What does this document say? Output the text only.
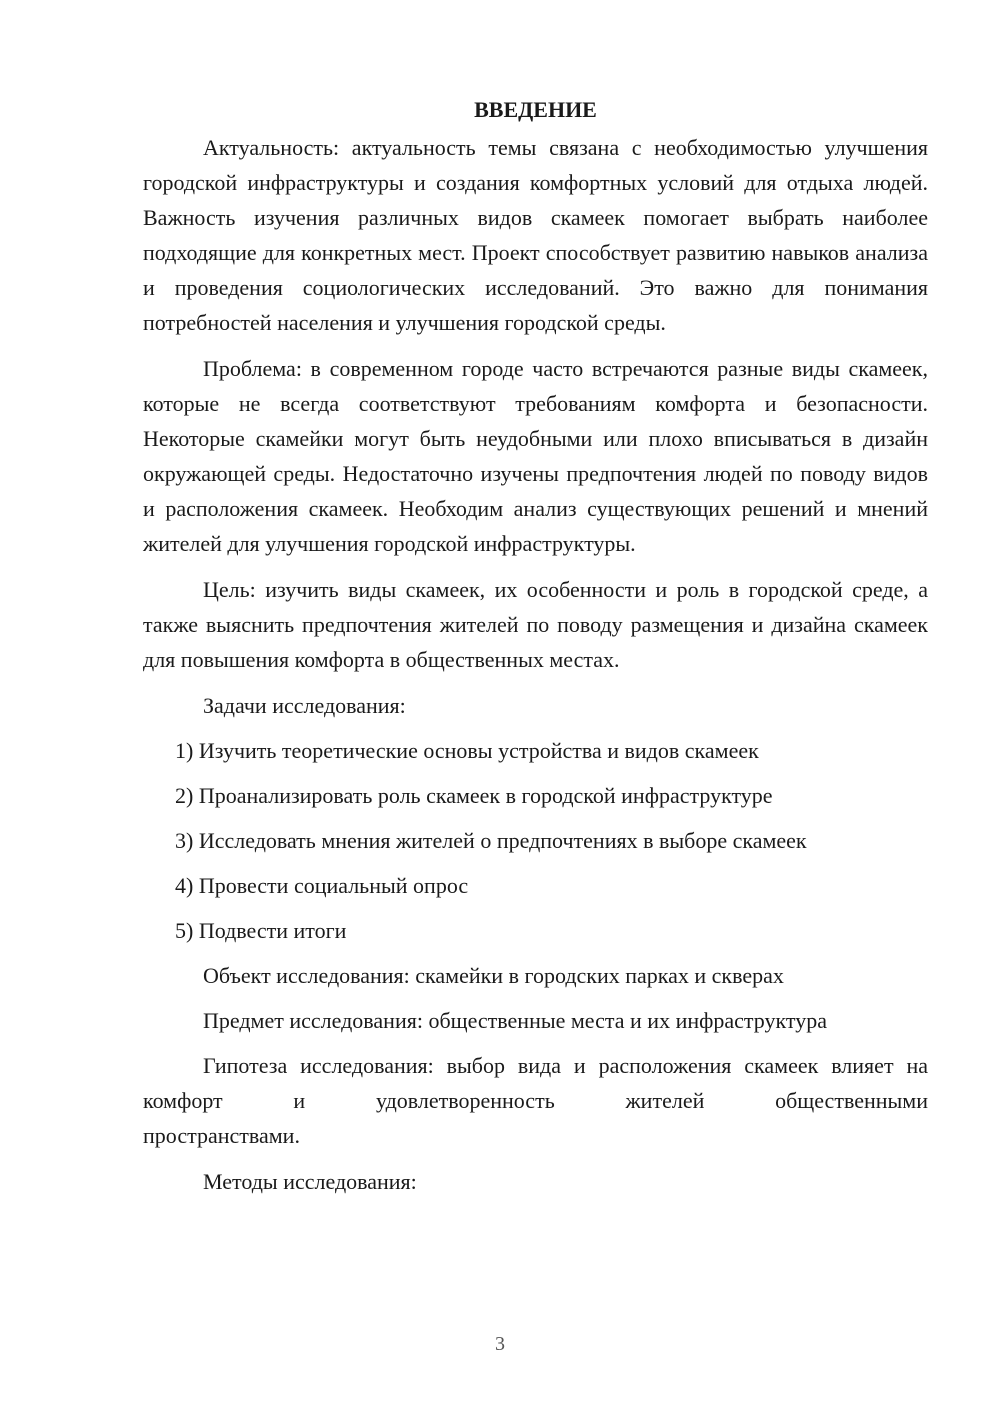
ВВЕДЕНИЕ

Актуальность: актуальность темы связана с необходимостью улучшения городской инфраструктуры и создания комфортных условий для отдыха людей. Важность изучения различных видов скамеек помогает выбрать наиболее подходящие для конкретных мест. Проект способствует развитию навыков анализа и проведения социологических исследований. Это важно для понимания потребностей населения и улучшения городской среды.

Проблема: в современном городе часто встречаются разные виды скамеек, которые не всегда соответствуют требованиям комфорта и безопасности. Некоторые скамейки могут быть неудобными или плохо вписываться в дизайн окружающей среды. Недостаточно изучены предпочтения людей по поводу видов и расположения скамеек. Необходим анализ существующих решений и мнений жителей для улучшения городской инфраструктуры.

Цель: изучить виды скамеек, их особенности и роль в городской среде, а также выяснить предпочтения жителей по поводу размещения и дизайна скамеек для повышения комфорта в общественных местах.

Задачи исследования:
1) Изучить теоретические основы устройства и видов скамеек
2) Проанализировать роль скамеек в городской инфраструктуре
3) Исследовать мнения жителей о предпочтениях в выборе скамеек
4) Провести социальный опрос
5) Подвести итоги
Объект исследования: скамейки в городских парках и скверах
Предмет исследования: общественные места и их инфраструктура

Гипотеза исследования: выбор вида и расположения скамеек влияет на комфорт и удовлетворенность жителей общественными

пространствами.
Методы исследования:
3
